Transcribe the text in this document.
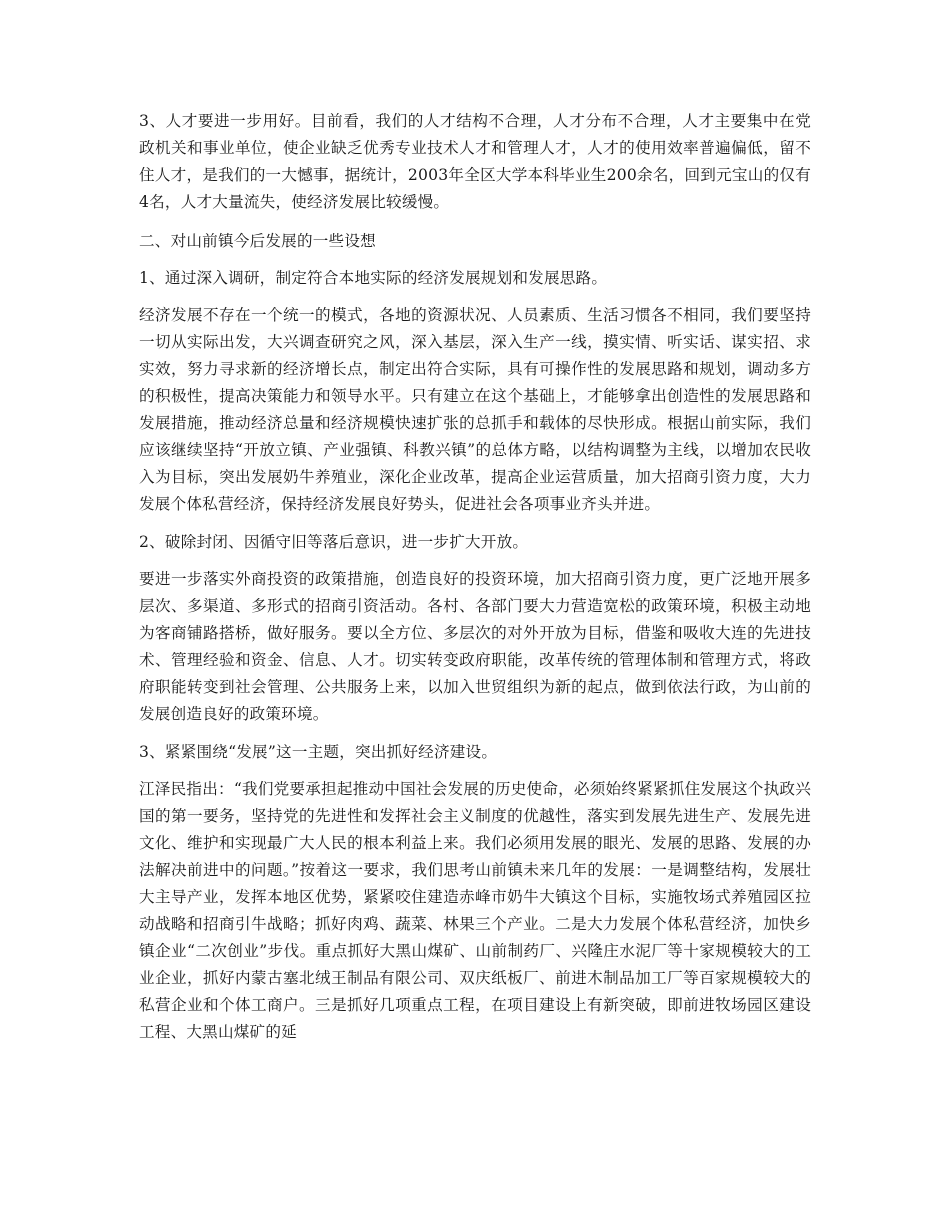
3、人才要进一步用好。目前看，我们的人才结构不合理，人才分布不合理，人才主要集中在党政机关和事业单位，使企业缺乏优秀专业技术人才和管理人才，人才的使用效率普遍偏低，留不住人才，是我们的一大憾事，据统计，2003年全区大学本科毕业生200余名，回到元宝山的仅有4名，人才大量流失，使经济发展比较缓慢。

二、对山前镇今后发展的一些设想

1、通过深入调研，制定符合本地实际的经济发展规划和发展思路。

经济发展不存在一个统一的模式，各地的资源状况、人员素质、生活习惯各不相同，我们要坚持一切从实际出发，大兴调查研究之风，深入基层，深入生产一线，摸实情、听实话、谋实招、求实效，努力寻求新的经济增长点，制定出符合实际，具有可操作性的发展思路和规划，调动多方的积极性，提高决策能力和领导水平。只有建立在这个基础上，才能够拿出创造性的发展思路和发展措施，推动经济总量和经济规模快速扩张的总抓手和载体的尽快形成。根据山前实际，我们应该继续坚持“开放立镇、产业强镇、科教兴镇”的总体方略，以结构调整为主线，以增加农民收入为目标，突出发展奶牛养殖业，深化企业改革，提高企业运营质量，加大招商引资力度，大力发展个体私营经济，保持经济发展良好势头，促进社会各项事业齐头并进。

2、破除封闭、因循守旧等落后意识，进一步扩大开放。

要进一步落实外商投资的政策措施，创造良好的投资环境，加大招商引资力度，更广泛地开展多层次、多渠道、多形式的招商引资活动。各村、各部门要大力营造宽松的政策环境，积极主动地为客商铺路搭桥，做好服务。要以全方位、多层次的对外开放为目标，借鉴和吸收大连的先进技术、管理经验和资金、信息、人才。切实转变政府职能，改革传统的管理体制和管理方式，将政府职能转变到社会管理、公共服务上来，以加入世贸组织为新的起点，做到依法行政，为山前的发展创造良好的政策环境。

3、紧紧围绕“发展”这一主题，突出抓好经济建设。

江泽民指出：“我们党要承担起推动中国社会发展的历史使命，必须始终紧紧抓住发展这个执政兴国的第一要务，坚持党的先进性和发挥社会主义制度的优越性，落实到发展先进生产、发展先进文化、维护和实现最广大人民的根本利益上来。我们必须用发展的眼光、发展的思路、发展的办法解决前进中的问题。”按着这一要求，我们思考山前镇未来几年的发展：一是调整结构，发展壮大主导产业，发挥本地区优势，紧紧咬住建造赤峰市奶牛大镇这个目标，实施牧场式养殖园区拉动战略和招商引牛战略；抓好肉鸡、蔬菜、林果三个产业。二是大力发展个体私营经济，加快乡镇企业“二次创业”步伐。重点抓好大黑山煤矿、山前制药厂、兴隆庄水泥厂等十家规模较大的工业企业，抓好内蒙古塞北绒王制品有限公司、双庆纸板厂、前进木制品加工厂等百家规模较大的私营企业和个体工商户。三是抓好几项重点工程，在项目建设上有新突破，即前进牧场园区建设工程、大黑山煤矿的延
